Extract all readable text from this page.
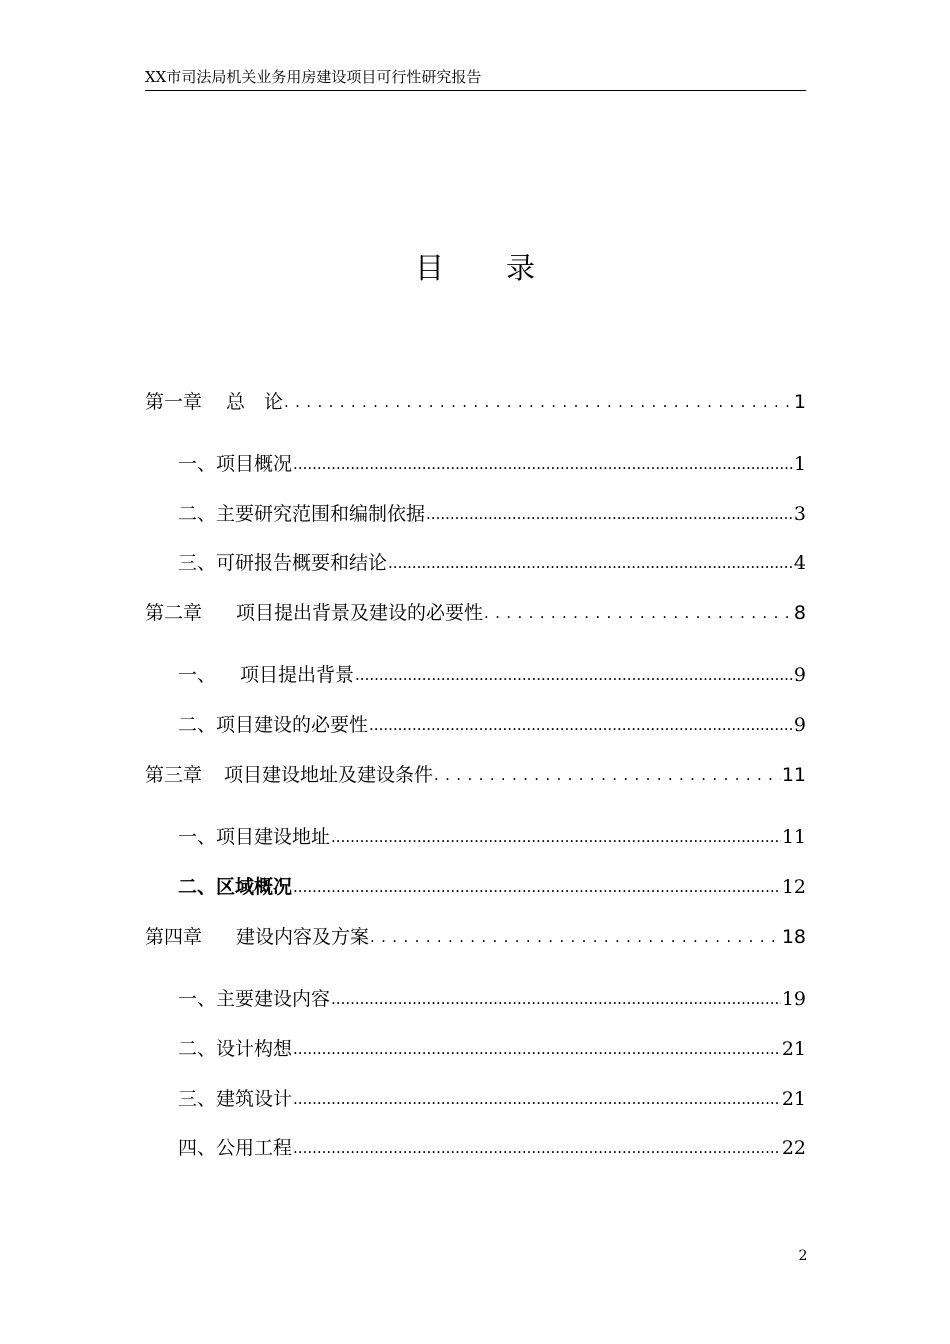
XX市司法局机关业务用房建设项目可行性研究报告
目 录
第一章 总　论 . . .	1
一、项目概况 .....	1
二、主要研究范围和编制依据 .....	3
三、可研报告概要和结论 .....	4
第二章 项目提出背景及建设的必要性 . . .	8
一、 项目提出背景 .....	9
二、项目建设的必要性 .....	9
第三章 项目建设地址及建设条件 . . .	11
一、项目建设地址 .....	11
二、区域概况 .....	12
第四章 建设内容及方案 . . .	18
一、主要建设内容 .....	19
二、设计构想 .....	21
三、建筑设计 .....	21
四、公用工程 .....	22
2
